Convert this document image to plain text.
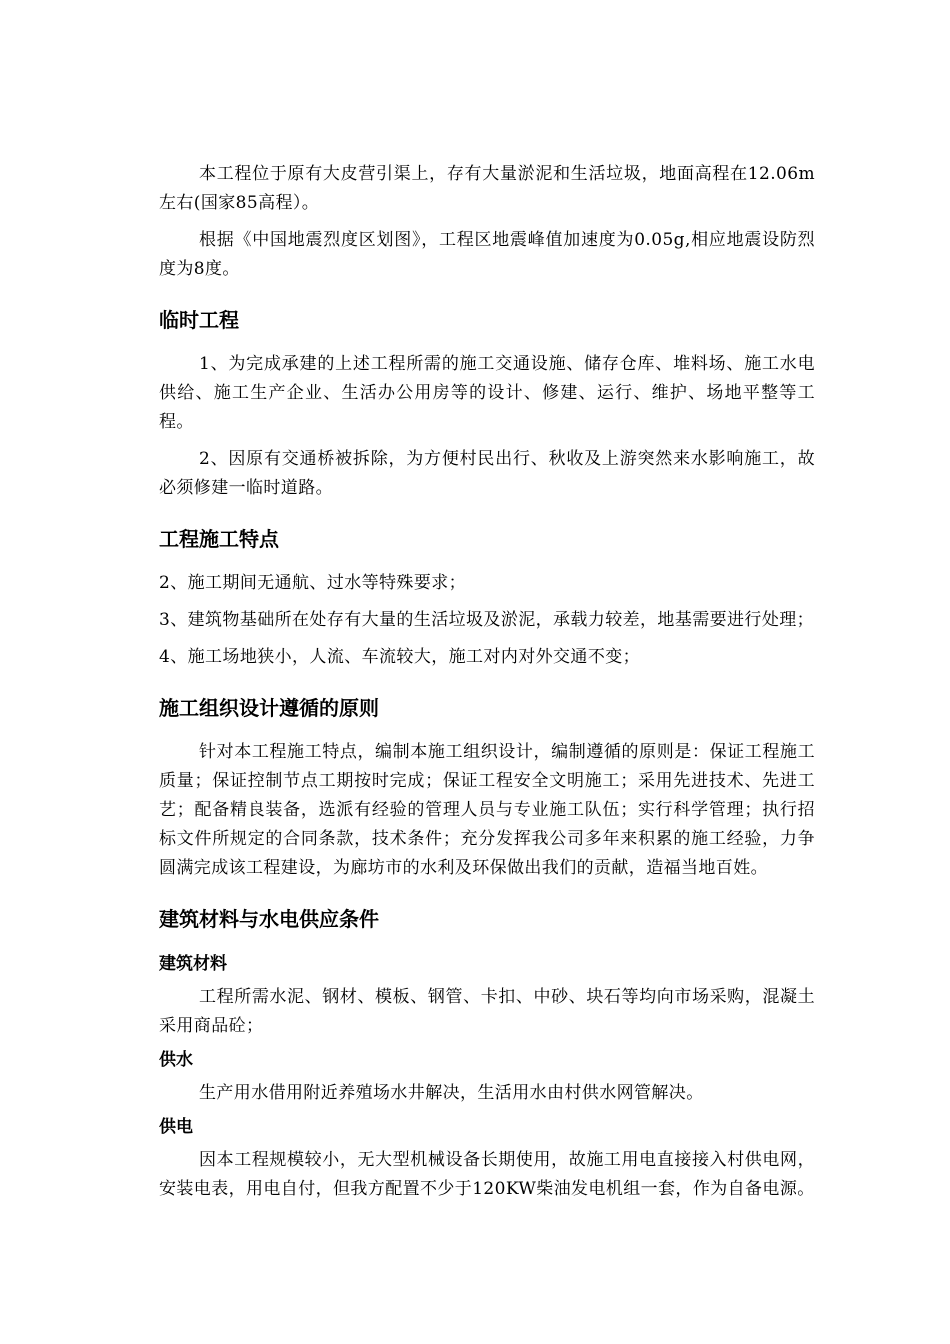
本工程位于原有大皮营引渠上，存有大量淤泥和生活垃圾，地面高程在12.06m左右(国家85高程）。

根据《中国地震烈度区划图》，工程区地震峰值加速度为0.05g,相应地震设防烈度为8度。

临时工程

1、为完成承建的上述工程所需的施工交通设施、储存仓库、堆料场、施工水电供给、施工生产企业、生活办公用房等的设计、修建、运行、维护、场地平整等工程。

2、因原有交通桥被拆除，为方便村民出行、秋收及上游突然来水影响施工，故必须修建一临时道路。

工程施工特点

2、施工期间无通航、过水等特殊要求；

3、建筑物基础所在处存有大量的生活垃圾及淤泥，承载力较差，地基需要进行处理；

4、施工场地狭小，人流、车流较大，施工对内对外交通不变；

施工组织设计遵循的原则

针对本工程施工特点，编制本施工组织设计，编制遵循的原则是：保证工程施工质量；保证控制节点工期按时完成；保证工程安全文明施工；采用先进技术、先进工艺；配备精良装备，选派有经验的管理人员与专业施工队伍；实行科学管理；执行招标文件所规定的合同条款，技术条件；充分发挥我公司多年来积累的施工经验，力争圆满完成该工程建设，为廊坊市的水利及环保做出我们的贡献，造福当地百姓。

建筑材料与水电供应条件
建筑材料

工程所需水泥、钢材、模板、钢管、卡扣、中砂、块石等均向市场采购，混凝土采用商品砼；

供水

生产用水借用附近养殖场水井解决，生活用水由村供水网管解决。

供电

因本工程规模较小，无大型机械设备长期使用，故施工用电直接接入村供电网，安装电表，用电自付，但我方配置不少于120KW柴油发电机组一套，作为自备电源。
